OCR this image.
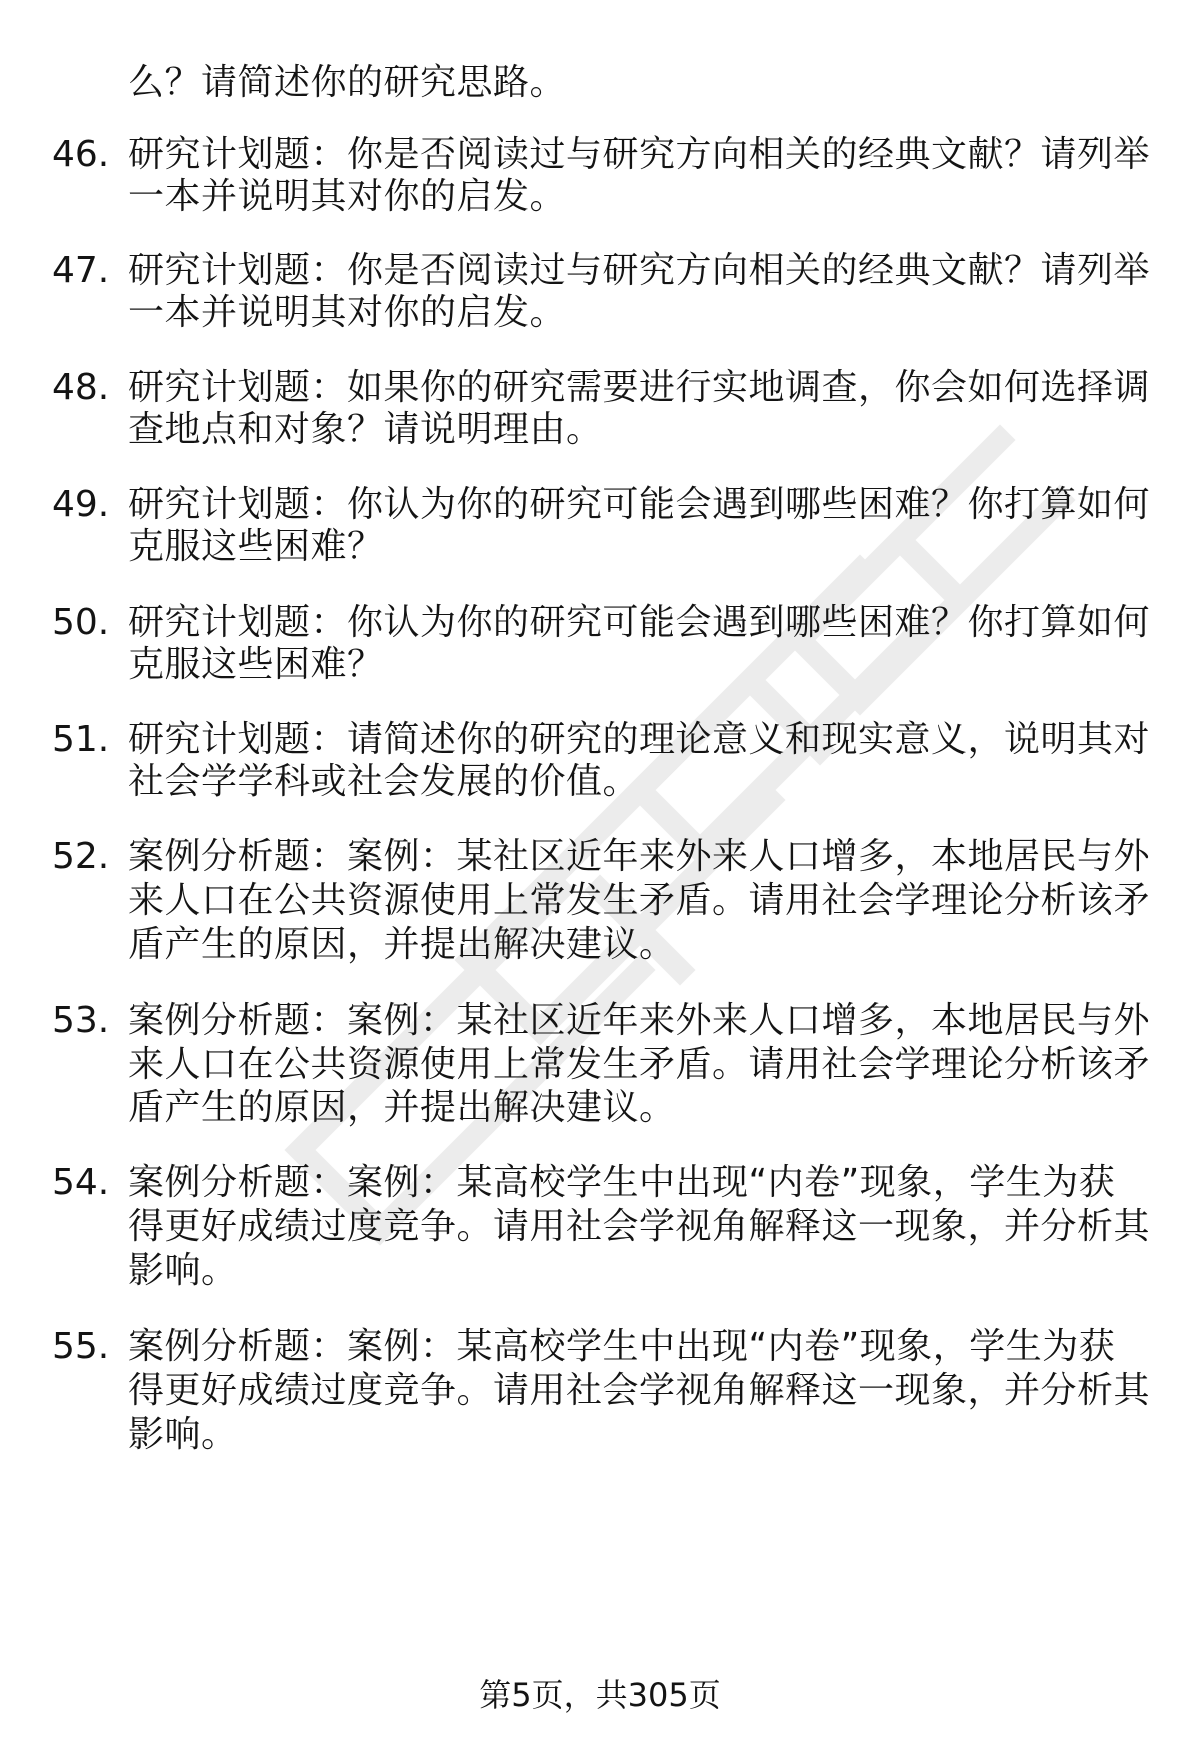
么？请简述你的研究思路。
46. 研究计划题：你是否阅读过与研究方向相关的经典文献？请列举
一本并说明其对你的启发。
47. 研究计划题：你是否阅读过与研究方向相关的经典文献？请列举
一本并说明其对你的启发。
48. 研究计划题：如果你的研究需要进行实地调查，你会如何选择调
查地点和对象？请说明理由。
49. 研究计划题：你认为你的研究可能会遇到哪些困难？你打算如何
克服这些困难？
50. 研究计划题：你认为你的研究可能会遇到哪些困难？你打算如何
克服这些困难？
51. 研究计划题：请简述你的研究的理论意义和现实意义，说明其对
社会学学科或社会发展的价值。
52. 案例分析题：案例：某社区近年来外来人口增多，本地居民与外
来人口在公共资源使用上常发生矛盾。请用社会学理论分析该矛
盾产生的原因，并提出解决建议。
53. 案例分析题：案例：某社区近年来外来人口增多，本地居民与外
来人口在公共资源使用上常发生矛盾。请用社会学理论分析该矛
盾产生的原因，并提出解决建议。
54. 案例分析题：案例：某高校学生中出现“内卷”现象，学生为获
得更好成绩过度竞争。请用社会学视角解释这一现象，并分析其
影响。
55. 案例分析题：案例：某高校学生中出现“内卷”现象，学生为获
得更好成绩过度竞争。请用社会学视角解释这一现象，并分析其
影响。
第5页，共305页
